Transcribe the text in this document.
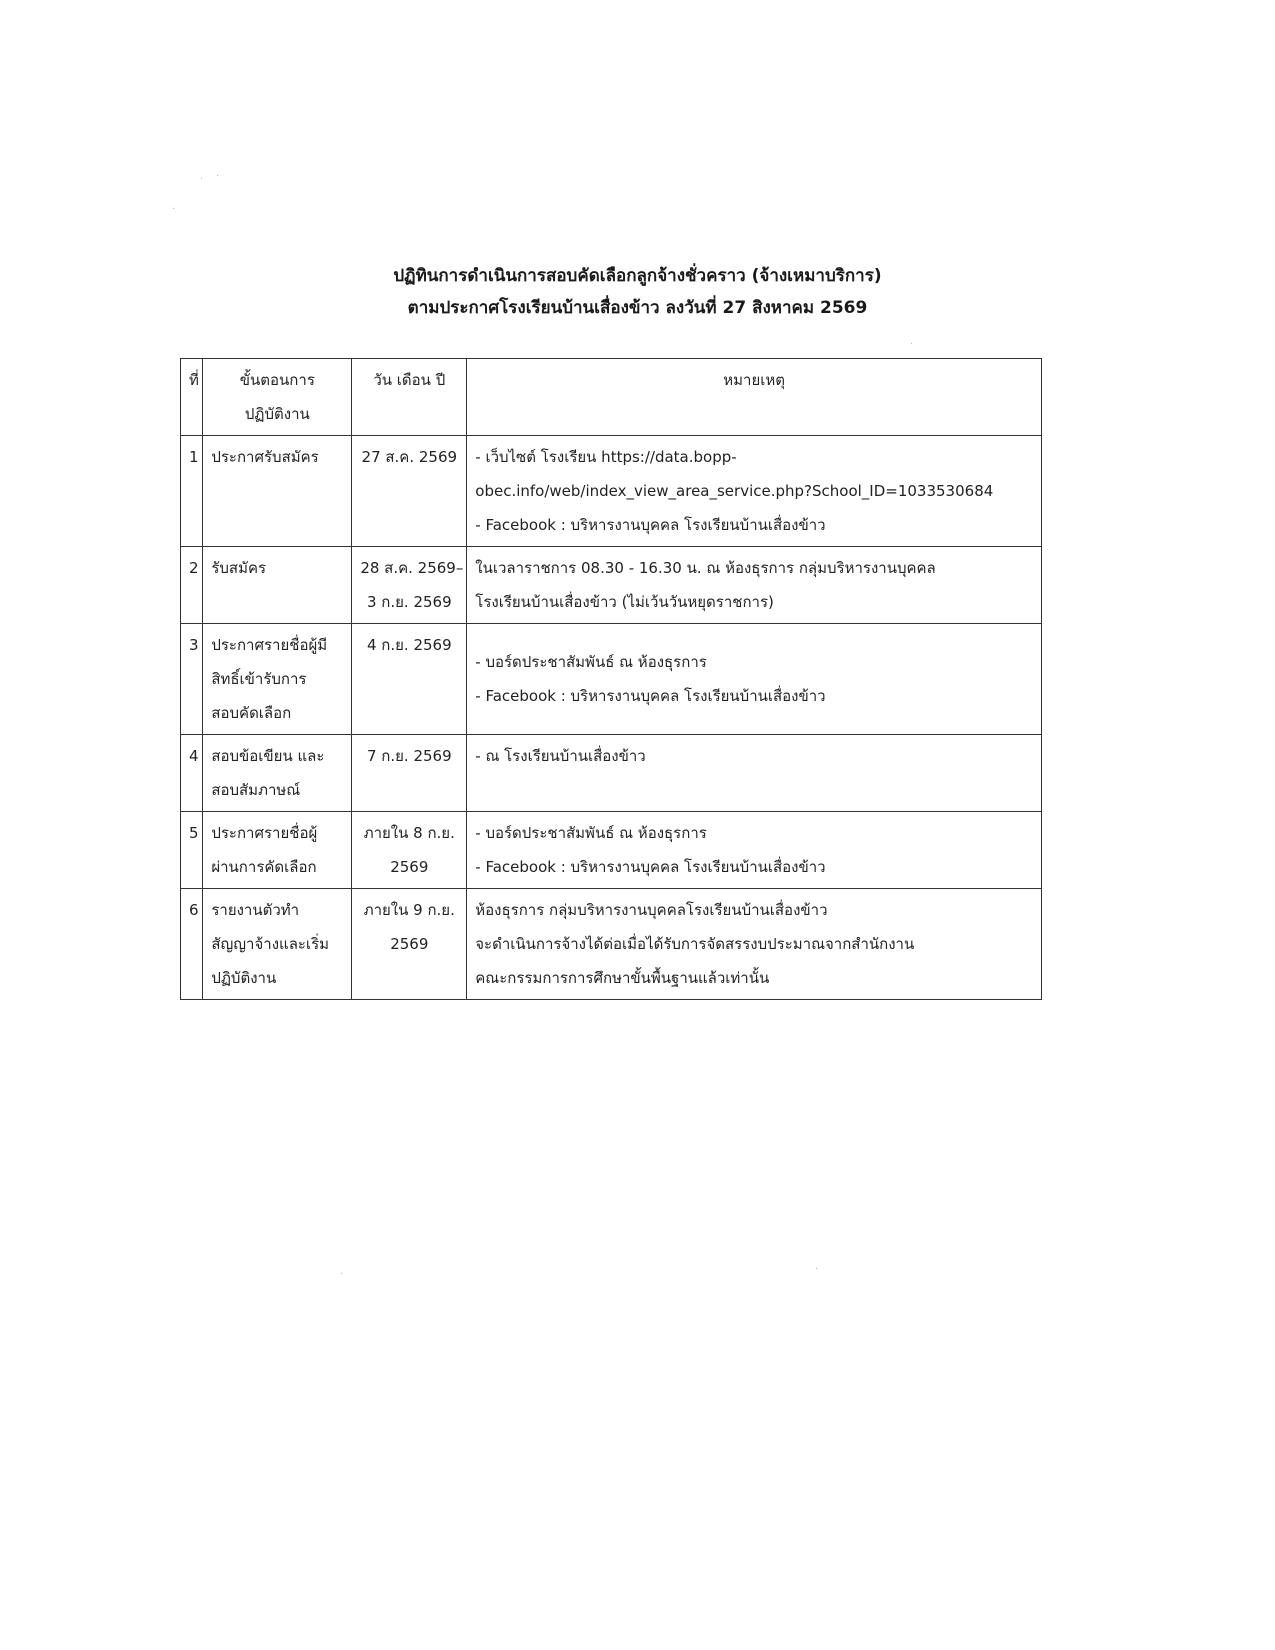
· ·
·
·
·	·
ปฏิทินการดำเนินการสอบคัดเลือกลูกจ้างชั่วคราว (จ้างเหมาบริการ)
ตามประกาศโรงเรียนบ้านเสื่องข้าว ลงวันที่ 27 สิงหาคม 2569
ที่	ขั้นตอนการ
ปฏิบัติงาน	วัน เดือน ปี	หมายเหตุ
1	ประกาศรับสมัคร	27 ส.ค. 2569	- เว็บไซต์ โรงเรียน https://data.bopp-
obec.info/web/index_view_area_service.php?School_ID=1033530684
- Facebook : บริหารงานบุคคล โรงเรียนบ้านเสื่องข้าว

2	รับสมัคร	28 ส.ค. 2569–
3 ก.ย. 2569	ในเวลาราชการ 08.30 - 16.30 น. ณ ห้องธุรการ กลุ่มบริหารงานบุคคล
โรงเรียนบ้านเสื่องข้าว (ไม่เว้นวันหยุดราชการ)

3	ประกาศรายชื่อผู้มี
สิทธิ์เข้ารับการ
สอบคัดเลือก	4 ก.ย. 2569	- บอร์ดประชาสัมพันธ์ ณ ห้องธุรการ
- Facebook : บริหารงานบุคคล โรงเรียนบ้านเสื่องข้าว

4	สอบข้อเขียน และ
สอบสัมภาษณ์	7 ก.ย. 2569	- ณ โรงเรียนบ้านเสื่องข้าว

5	ประกาศรายชื่อผู้
ผ่านการคัดเลือก	ภายใน 8 ก.ย.
2569	- บอร์ดประชาสัมพันธ์ ณ ห้องธุรการ
- Facebook : บริหารงานบุคคล โรงเรียนบ้านเสื่องข้าว

6	รายงานตัวทำ
สัญญาจ้างและเริ่ม
ปฏิบัติงาน	ภายใน 9 ก.ย.
2569	ห้องธุรการ กลุ่มบริหารงานบุคคลโรงเรียนบ้านเสื่องข้าว
จะดำเนินการจ้างได้ต่อเมื่อได้รับการจัดสรรงบประมาณจากสำนักงาน
คณะกรรมการการศึกษาขั้นพื้นฐานแล้วเท่านั้น
